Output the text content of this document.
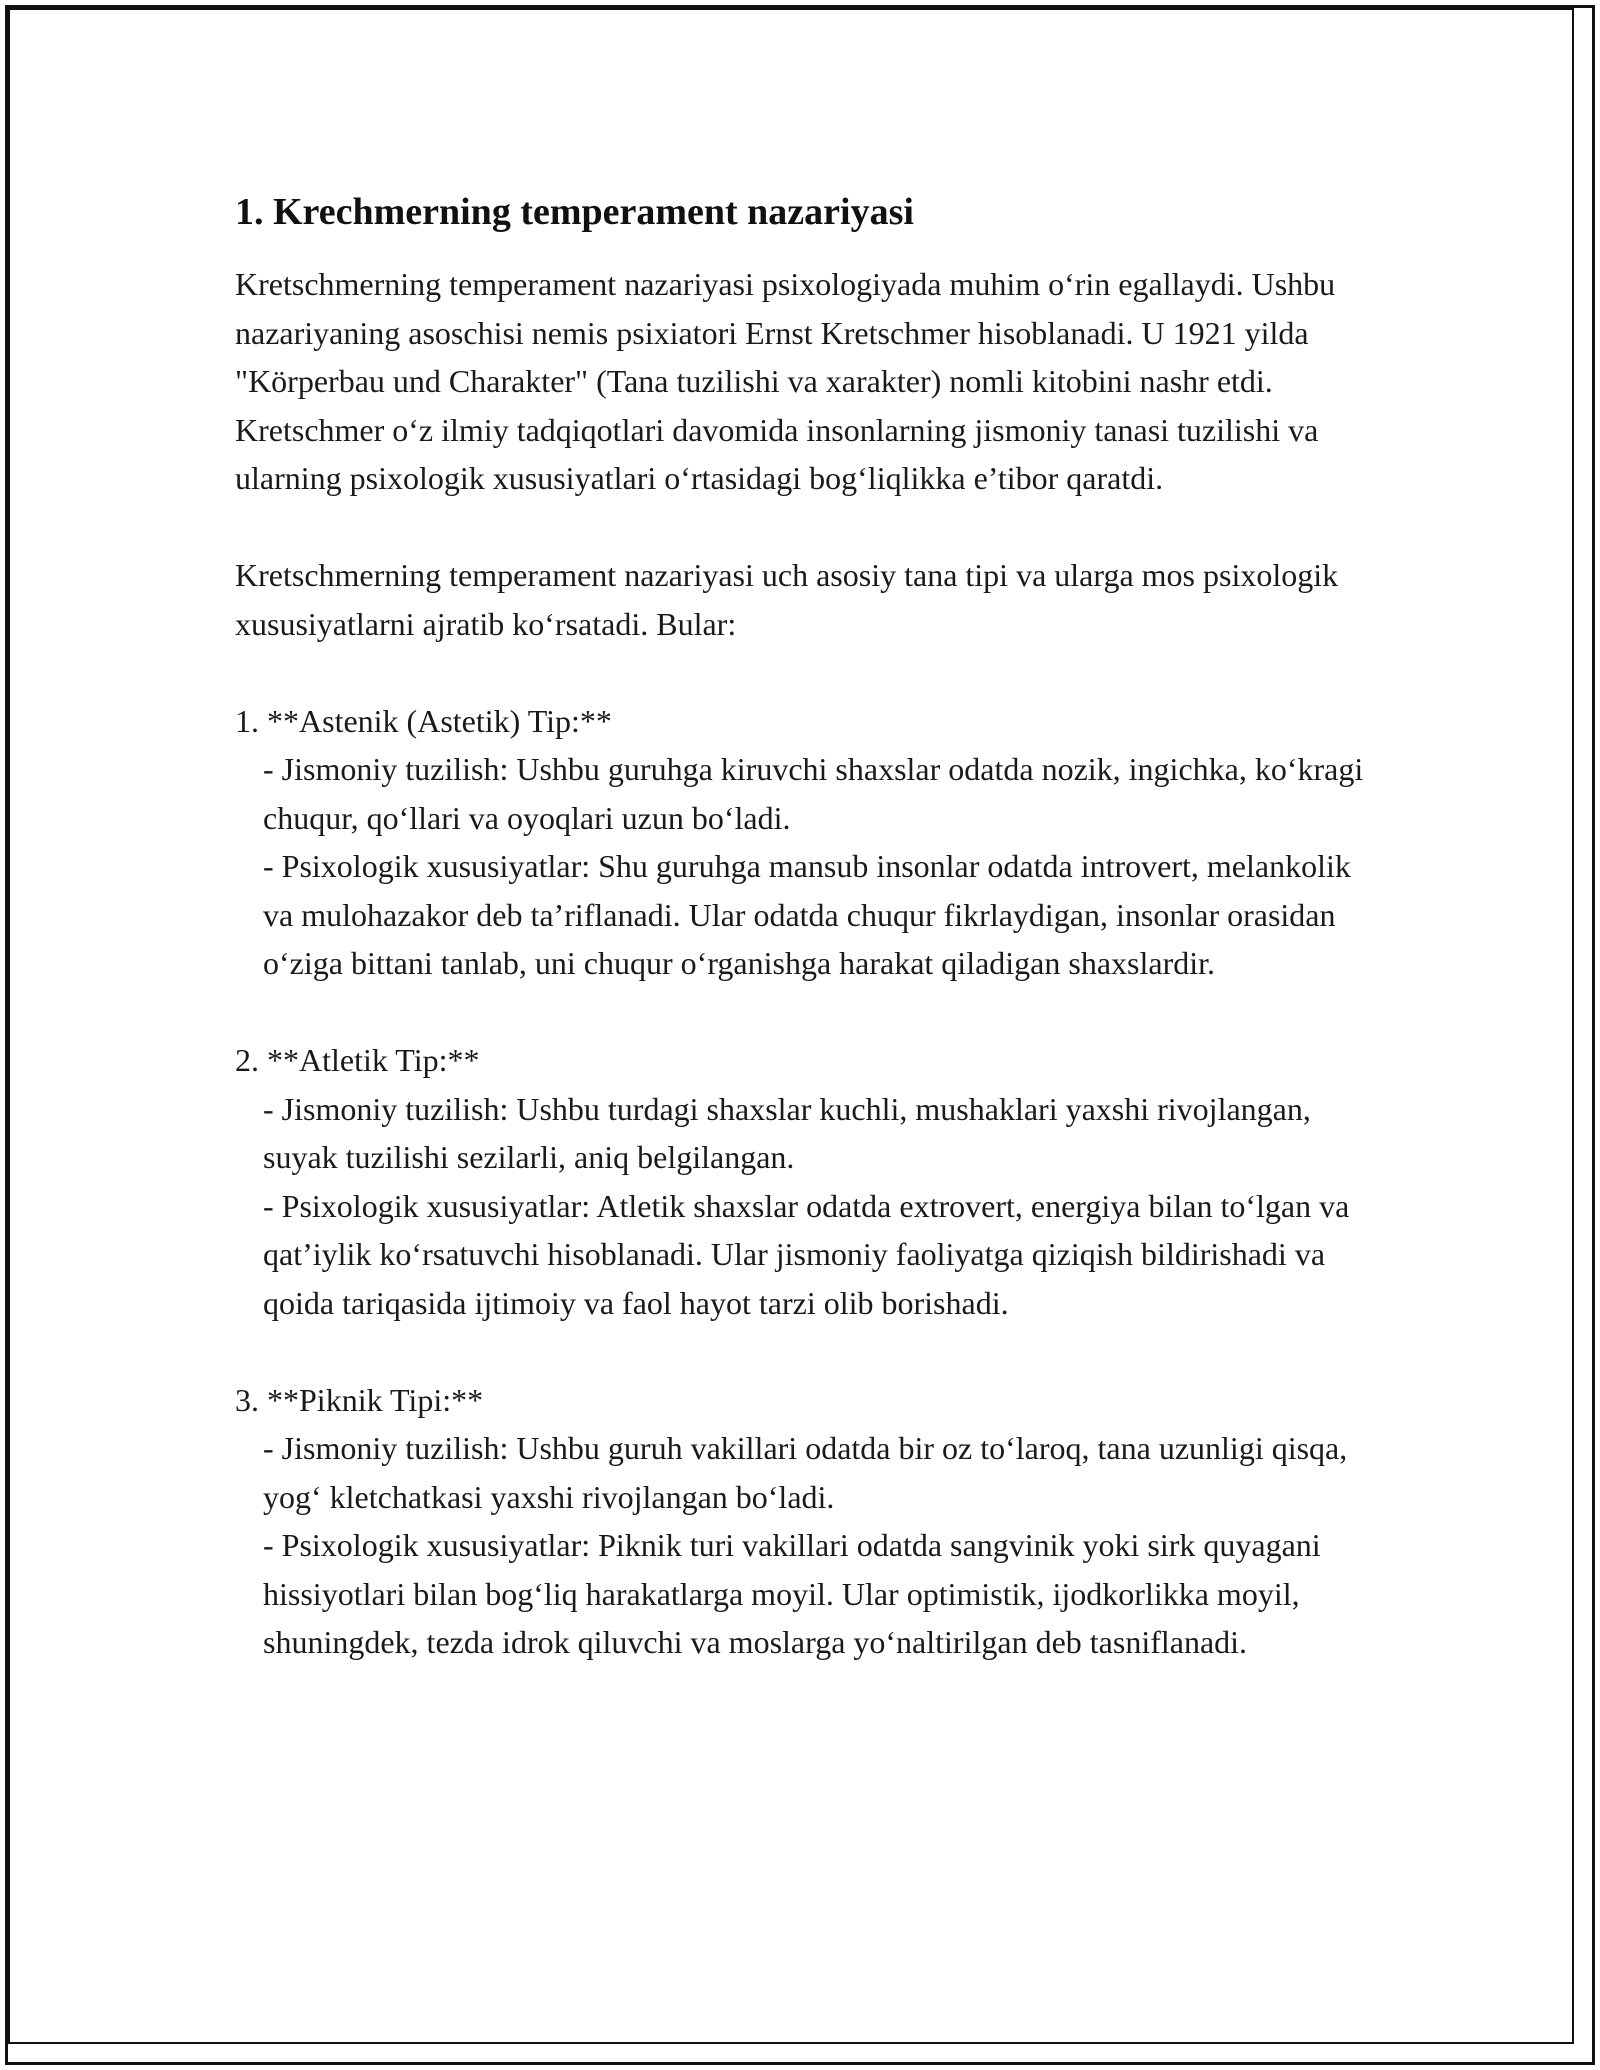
1. Krechmerning temperament nazariyasi

Kretschmerning temperament nazariyasi psixologiyada muhim o‘rin egallaydi. Ushbu nazariyaning asoschisi nemis psixiatori Ernst Kretschmer hisoblanadi. U 1921 yilda "Körperbau und Charakter" (Tana tuzilishi va xarakter) nomli kitobini nashr etdi. Kretschmer o‘z ilmiy tadqiqotlari davomida insonlarning jismoniy tanasi tuzilishi va ularning psixologik xususiyatlari o‘rtasidagi bog‘liqlikka e’tibor qaratdi.

Kretschmerning temperament nazariyasi uch asosiy tana tipi va ularga mos psixologik xususiyatlarni ajratib ko‘rsatadi. Bular:

1. **Astenik (Astetik) Tip:**

- Jismoniy tuzilish: Ushbu guruhga kiruvchi shaxslar odatda nozik, ingichka, ko‘kragi chuqur, qo‘llari va oyoqlari uzun bo‘ladi.

- Psixologik xususiyatlar: Shu guruhga mansub insonlar odatda introvert, melankolik va mulohazakor deb ta’riflanadi. Ular odatda chuqur fikrlaydigan, insonlar orasidan o‘ziga bittani tanlab, uni chuqur o‘rganishga harakat qiladigan shaxslardir.

2. **Atletik Tip:**

- Jismoniy tuzilish: Ushbu turdagi shaxslar kuchli, mushaklari yaxshi rivojlangan, suyak tuzilishi sezilarli, aniq belgilangan.

- Psixologik xususiyatlar: Atletik shaxslar odatda extrovert, energiya bilan to‘lgan va qat’iylik ko‘rsatuvchi hisoblanadi. Ular jismoniy faoliyatga qiziqish bildirishadi va qoida tariqasida ijtimoiy va faol hayot tarzi olib borishadi.

3. **Piknik Tipi:**

- Jismoniy tuzilish: Ushbu guruh vakillari odatda bir oz to‘laroq, tana uzunligi qisqa, yog‘ kletchatkasi yaxshi rivojlangan bo‘ladi.

- Psixologik xususiyatlar: Piknik turi vakillari odatda sangvinik yoki sirk quyagani hissiyotlari bilan bog‘liq harakatlarga moyil. Ular optimistik, ijodkorlikka moyil, shuningdek, tezda idrok qiluvchi va moslarga yo‘naltirilgan deb tasniflanadi.
